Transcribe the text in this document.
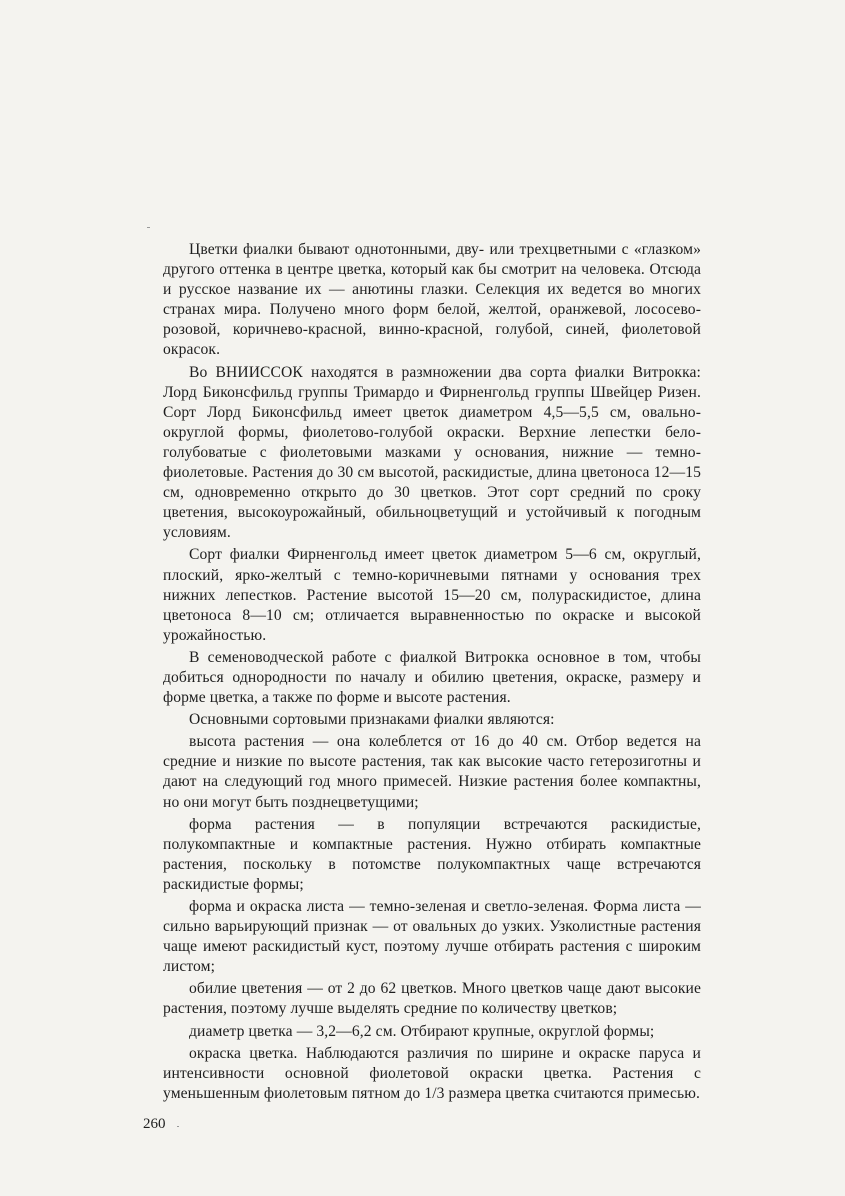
Цветки фиалки бывают однотонными, дву- или трехцветными с «глазком» другого оттенка в центре цветка, который как бы смотрит на человека. Отсюда и русское название их — анютины глазки. Селекция их ведется во многих странах мира. Получено много форм белой, желтой, оранжевой, лососево-розовой, коричнево-красной, винно-красной, голубой, синей, фиолетовой окрасок.

Во ВНИИССОК находятся в размножении два сорта фиалки Витрокка: Лорд Биконсфильд группы Тримардо и Фирненгольд группы Швейцер Ризен. Сорт Лорд Биконсфильд имеет цветок диаметром 4,5—5,5 см, овально-округлой формы, фиолетово-голубой окраски. Верхние лепестки бело-голубоватые с фиолетовыми мазками у основания, нижние — темно-фиолетовые. Растения до 30 см высотой, раскидистые, длина цветоноса 12—15 см, одновременно открыто до 30 цветков. Этот сорт средний по сроку цветения, высокоурожайный, обильноцветущий и устойчивый к погодным условиям.

Сорт фиалки Фирненгольд имеет цветок диаметром 5—6 см, округлый, плоский, ярко-желтый с темно-коричневыми пятнами у основания трех нижних лепестков. Растение высотой 15—20 см, полураскидистое, длина цветоноса 8—10 см; отличается выравненностью по окраске и высокой урожайностью.

В семеноводческой работе с фиалкой Витрокка основное в том, чтобы добиться однородности по началу и обилию цветения, окраске, размеру и форме цветка, а также по форме и высоте растения.

Основными сортовыми признаками фиалки являются:

высота растения — она колеблется от 16 до 40 см. Отбор ведется на средние и низкие по высоте растения, так как высокие часто гетерозиготны и дают на следующий год много примесей. Низкие растения более компактны, но они могут быть позднецветущими;

форма растения — в популяции встречаются раскидистые, полукомпактные и компактные растения. Нужно отбирать компактные растения, поскольку в потомстве полукомпактных чаще встречаются раскидистые формы;

форма и окраска листа — темно-зеленая и светло-зеленая. Форма листа — сильно варьирующий признак — от овальных до узких. Узколистные растения чаще имеют раскидистый куст, поэтому лучше отбирать растения с широким листом;

обилие цветения — от 2 до 62 цветков. Много цветков чаще дают высокие растения, поэтому лучше выделять средние по количеству цветков;

диаметр цветка — 3,2—6,2 см. Отбирают крупные, округлой формы;

окраска цветка. Наблюдаются различия по ширине и окраске паруса и интенсивности основной фиолетовой окраски цветка. Растения с уменьшенным фиолетовым пятном до 1/3 размера цветка считаются примесью.

260
